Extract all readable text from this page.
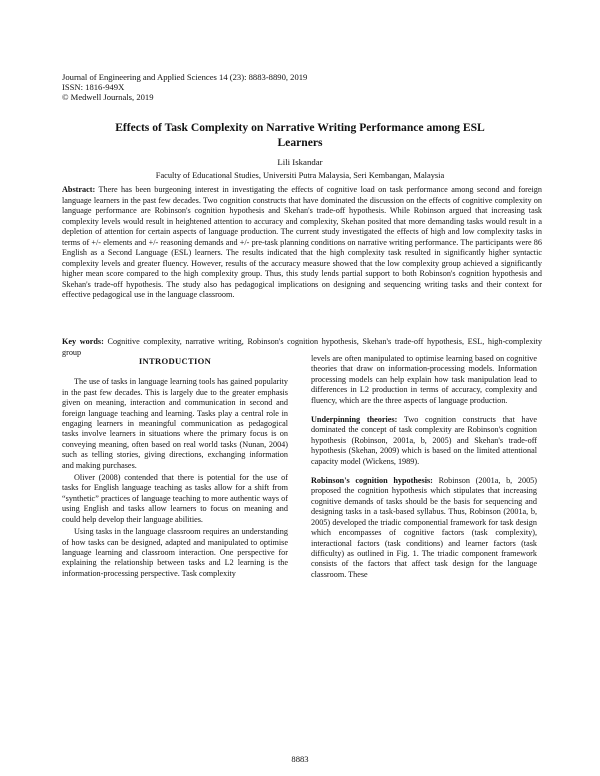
Journal of Engineering and Applied Sciences 14 (23): 8883-8890, 2019
ISSN: 1816-949X
© Medwell Journals, 2019
Effects of Task Complexity on Narrative Writing Performance among ESL Learners
Lili Iskandar
Faculty of Educational Studies, Universiti Putra Malaysia, Seri Kembangan, Malaysia
Abstract: There has been burgeoning interest in investigating the effects of cognitive load on task performance among second and foreign language learners in the past few decades. Two cognition constructs that have dominated the discussion on the effects of cognitive complexity on language performance are Robinson's cognition hypothesis and Skehan's trade-off hypothesis. While Robinson argued that increasing task complexity levels would result in heightened attention to accuracy and complexity, Skehan posited that more demanding tasks would result in a depletion of attention for certain aspects of language production. The current study investigated the effects of high and low complexity tasks in terms of +/- elements and +/- reasoning demands and +/- pre-task planning conditions on narrative writing performance. The participants were 86 English as a Second Language (ESL) learners. The results indicated that the high complexity task resulted in significantly higher syntactic complexity levels and greater fluency. However, results of the accuracy measure showed that the low complexity group achieved a significantly higher mean score compared to the high complexity group. Thus, this study lends partial support to both Robinson's cognition hypothesis and Skehan's trade-off hypothesis. The study also has pedagogical implications on designing and sequencing writing tasks and their context for effective pedagogical use in the language classroom.
Key words: Cognitive complexity, narrative writing, Robinson's cognition hypothesis, Skehan's trade-off hypothesis, ESL, high-complexity group
INTRODUCTION

The use of tasks in language learning tools has gained popularity in the past few decades. This is largely due to the greater emphasis given on meaning, interaction and communication in second and foreign language teaching and learning. Tasks play a central role in engaging learners in meaningful communication as pedagogical tasks involve learners in situations where the primary focus is on conveying meaning, often based on real world tasks (Nunan, 2004) such as telling stories, giving directions, exchanging information and making purchases.

Oliver (2008) contended that there is potential for the use of tasks for English language teaching as tasks allow for a shift from “synthetic” practices of language teaching to more authentic ways of using English and tasks allow learners to focus on meaning and could help develop their language abilities.

Using tasks in the language classroom requires an understanding of how tasks can be designed, adapted and manipulated to optimise language learning and classroom interaction. One perspective for explaining the relationship between tasks and L2 learning is the information-processing perspective. Task complexity

levels are often manipulated to optimise learning based on cognitive theories that draw on information-processing models. Information processing models can help explain how task manipulation lead to differences in L2 production in terms of accuracy, complexity and fluency, which are the three aspects of language production.

Underpinning theories: Two cognition constructs that have dominated the concept of task complexity are Robinson's cognition hypothesis (Robinson, 2001a, b, 2005) and Skehan's trade-off hypothesis (Skehan, 2009) which is based on the limited attentional capacity model (Wickens, 1989).

Robinson's cognition hypothesis: Robinson (2001a, b, 2005) proposed the cognition hypothesis which stipulates that increasing cognitive demands of tasks should be the basis for sequencing and designing tasks in a task-based syllabus. Thus, Robinson (2001a, b, 2005) developed the triadic componential framework for task design which encompasses of cognitive factors (task complexity), interactional factors (task conditions) and learner factors (task difficulty) as outlined in Fig. 1. The triadic component framework consists of the factors that affect task design for the language classroom. These

8883
